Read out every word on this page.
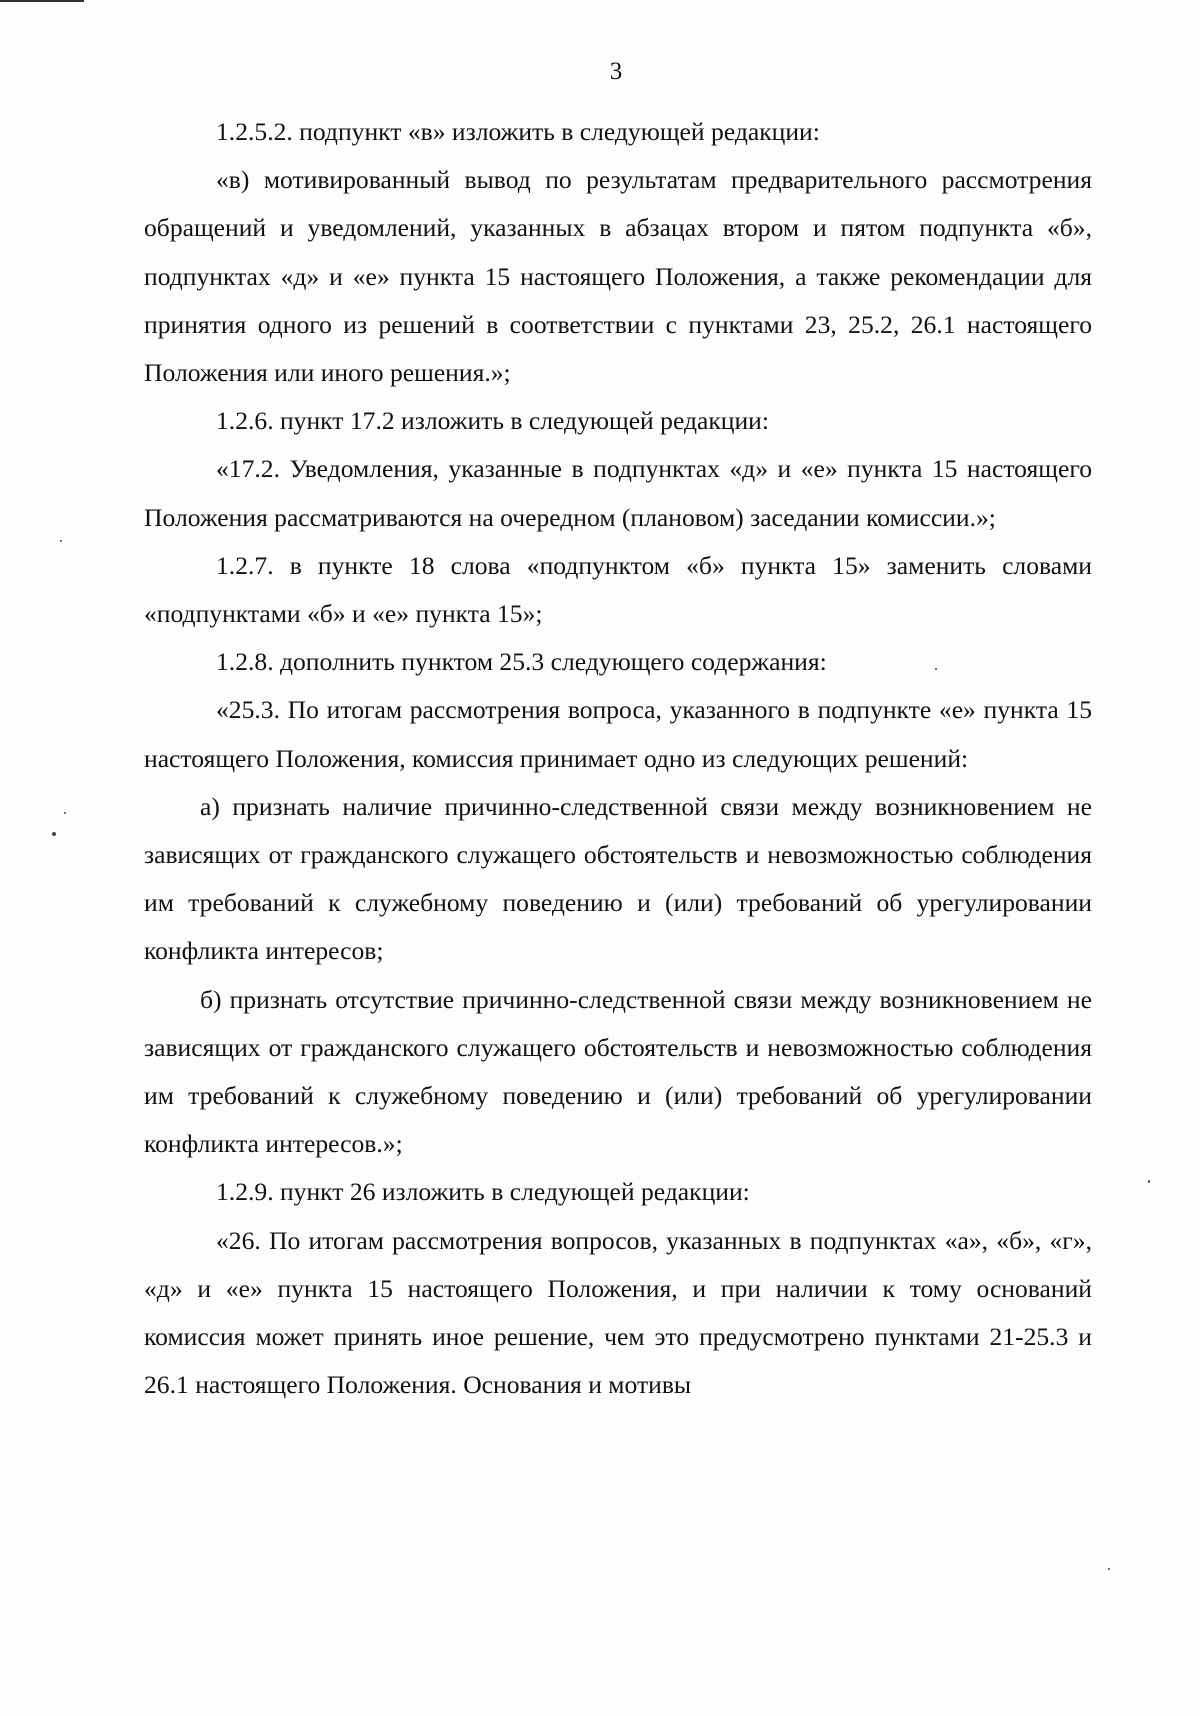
3

1.2.5.2. подпункт «в» изложить в следующей редакции:

«в) мотивированный вывод по результатам предварительного рассмотрения обращений и уведомлений, указанных в абзацах втором и пятом подпункта «б», подпунктах «д» и «е» пункта 15 настоящего Положения, а также рекомендации для принятия одного из решений в соответствии с пунктами 23, 25.2, 26.1 настоящего Положения или иного решения.»;

1.2.6. пункт 17.2 изложить в следующей редакции:

«17.2. Уведомления, указанные в подпунктах «д» и «е» пункта 15 настоящего Положения рассматриваются на очередном (плановом) заседании комиссии.»;

1.2.7. в пункте 18 слова «подпунктом «б» пункта 15» заменить словами «подпунктами «б» и «е» пункта 15»;

1.2.8. дополнить пунктом 25.3 следующего содержания:

«25.3. По итогам рассмотрения вопроса, указанного в подпункте «е» пункта 15 настоящего Положения, комиссия принимает одно из следующих решений:

а) признать наличие причинно-следственной связи между возникновением не зависящих от гражданского служащего обстоятельств и невозможностью соблюдения им требований к служебному поведению и (или) требований об урегулировании конфликта интересов;

б) признать отсутствие причинно-следственной связи между возникновением не зависящих от гражданского служащего обстоятельств и невозможностью соблюдения им требований к служебному поведению и (или) требований об урегулировании конфликта интересов.»;

1.2.9. пункт 26 изложить в следующей редакции:

«26. По итогам рассмотрения вопросов, указанных в подпунктах «а», «б», «г», «д» и «е» пункта 15 настоящего Положения, и при наличии к тому оснований комиссия может принять иное решение, чем это предусмотрено пунктами 21-25.3 и 26.1 настоящего Положения. Основания и мотивы
